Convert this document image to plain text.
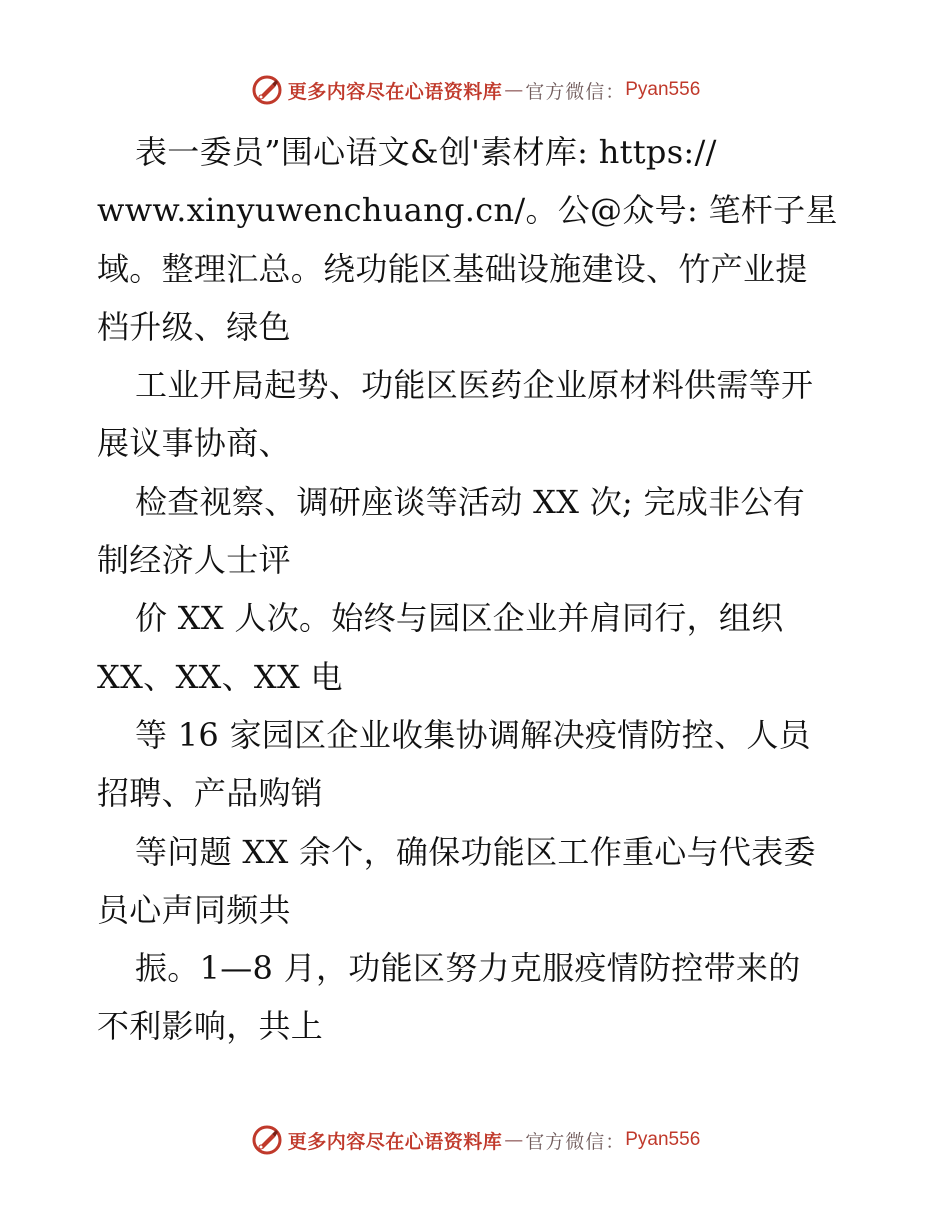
更多内容尽在心语资料库 — 官方微信： Pyan556
表一委员”围心语文&创'素材库: https://
www.xinyuwenchuang.cn/。公@众号: 笔杆子星
域。整理汇总。绕功能区基础设施建设、竹产业提
档升级、绿色
工业开局起势、功能区医药企业原材料供需等开
展议事协商、
检查视察、调研座谈等活动 XX 次; 完成非公有
制经济人士评
价 XX 人次。始终与园区企业并肩同行，组织
XX、XX、XX 电
等 16 家园区企业收集协调解决疫情防控、人员
招聘、产品购销
等问题 XX 余个，确保功能区工作重心与代表委
员心声同频共
振。1—8 月，功能区努力克服疫情防控带来的
不利影响，共上
更多内容尽在心语资料库 — 官方微信： Pyan556
